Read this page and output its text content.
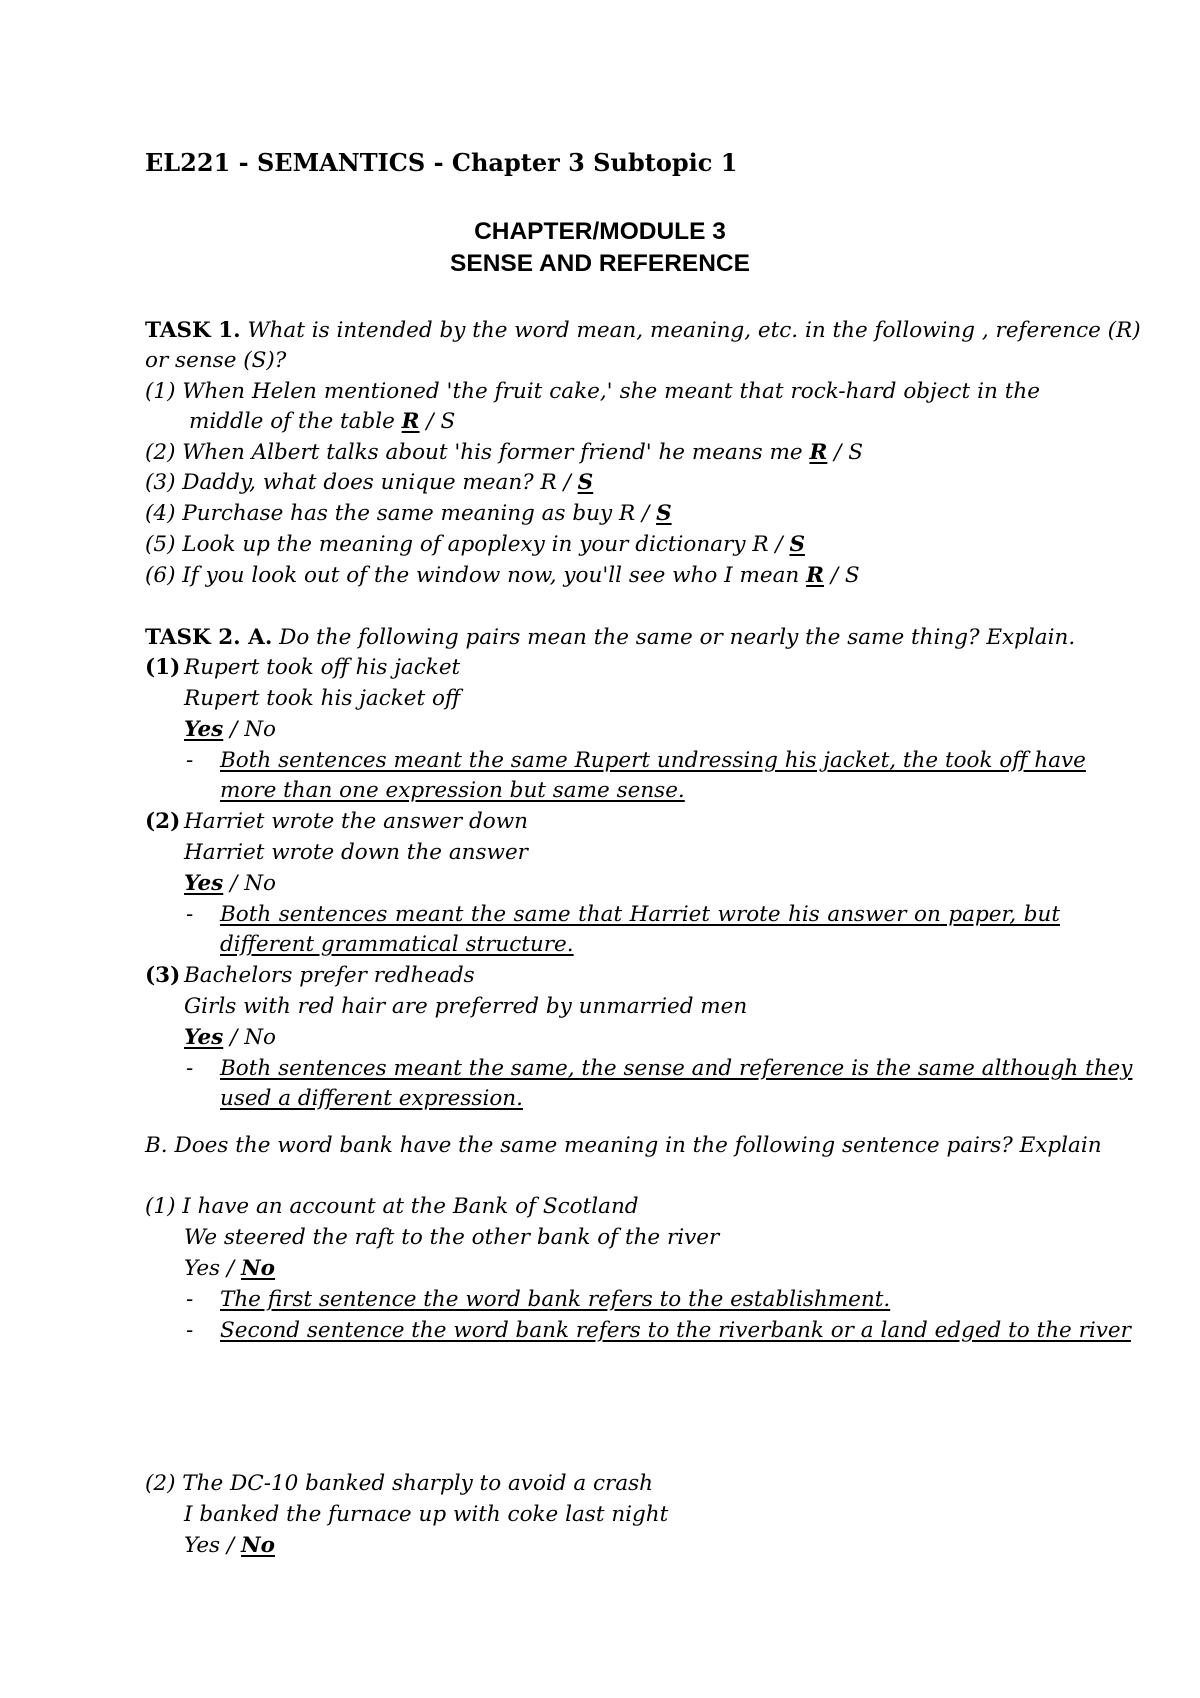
EL221 - SEMANTICS - Chapter 3 Subtopic 1
CHAPTER/MODULE 3
SENSE AND REFERENCE
TASK 1. What is intended by the word mean, meaning, etc. in the following , reference (R)
or sense (S)?
(1) When Helen mentioned 'the fruit cake,' she meant that rock-hard object in the
middle of the table R / S
(2) When Albert talks about 'his former friend' he means me R / S
(3) Daddy, what does unique mean? R / S
(4) Purchase has the same meaning as buy R / S
(5) Look up the meaning of apoplexy in your dictionary R / S
(6) If you look out of the window now, you'll see who I mean R / S
TASK 2. A. Do the following pairs mean the same or nearly the same thing? Explain.
(1) Rupert took off his jacket
Rupert took his jacket off
Yes / No
- Both sentences meant the same Rupert undressing his jacket, the took off have
more than one expression but same sense.
(2) Harriet wrote the answer down
Harriet wrote down the answer
Yes / No
- Both sentences meant the same that Harriet wrote his answer on paper, but
different grammatical structure.
(3) Bachelors prefer redheads
Girls with red hair are preferred by unmarried men
Yes / No
- Both sentences meant the same, the sense and reference is the same although they
used a different expression.
B. Does the word bank have the same meaning in the following sentence pairs? Explain
(1) I have an account at the Bank of Scotland
We steered the raft to the other bank of the river
Yes / No
- The first sentence the word bank refers to the establishment.
- Second sentence the word bank refers to the riverbank or a land edged to the river
(2) The DC-10 banked sharply to avoid a crash
I banked the furnace up with coke last night
Yes / No
